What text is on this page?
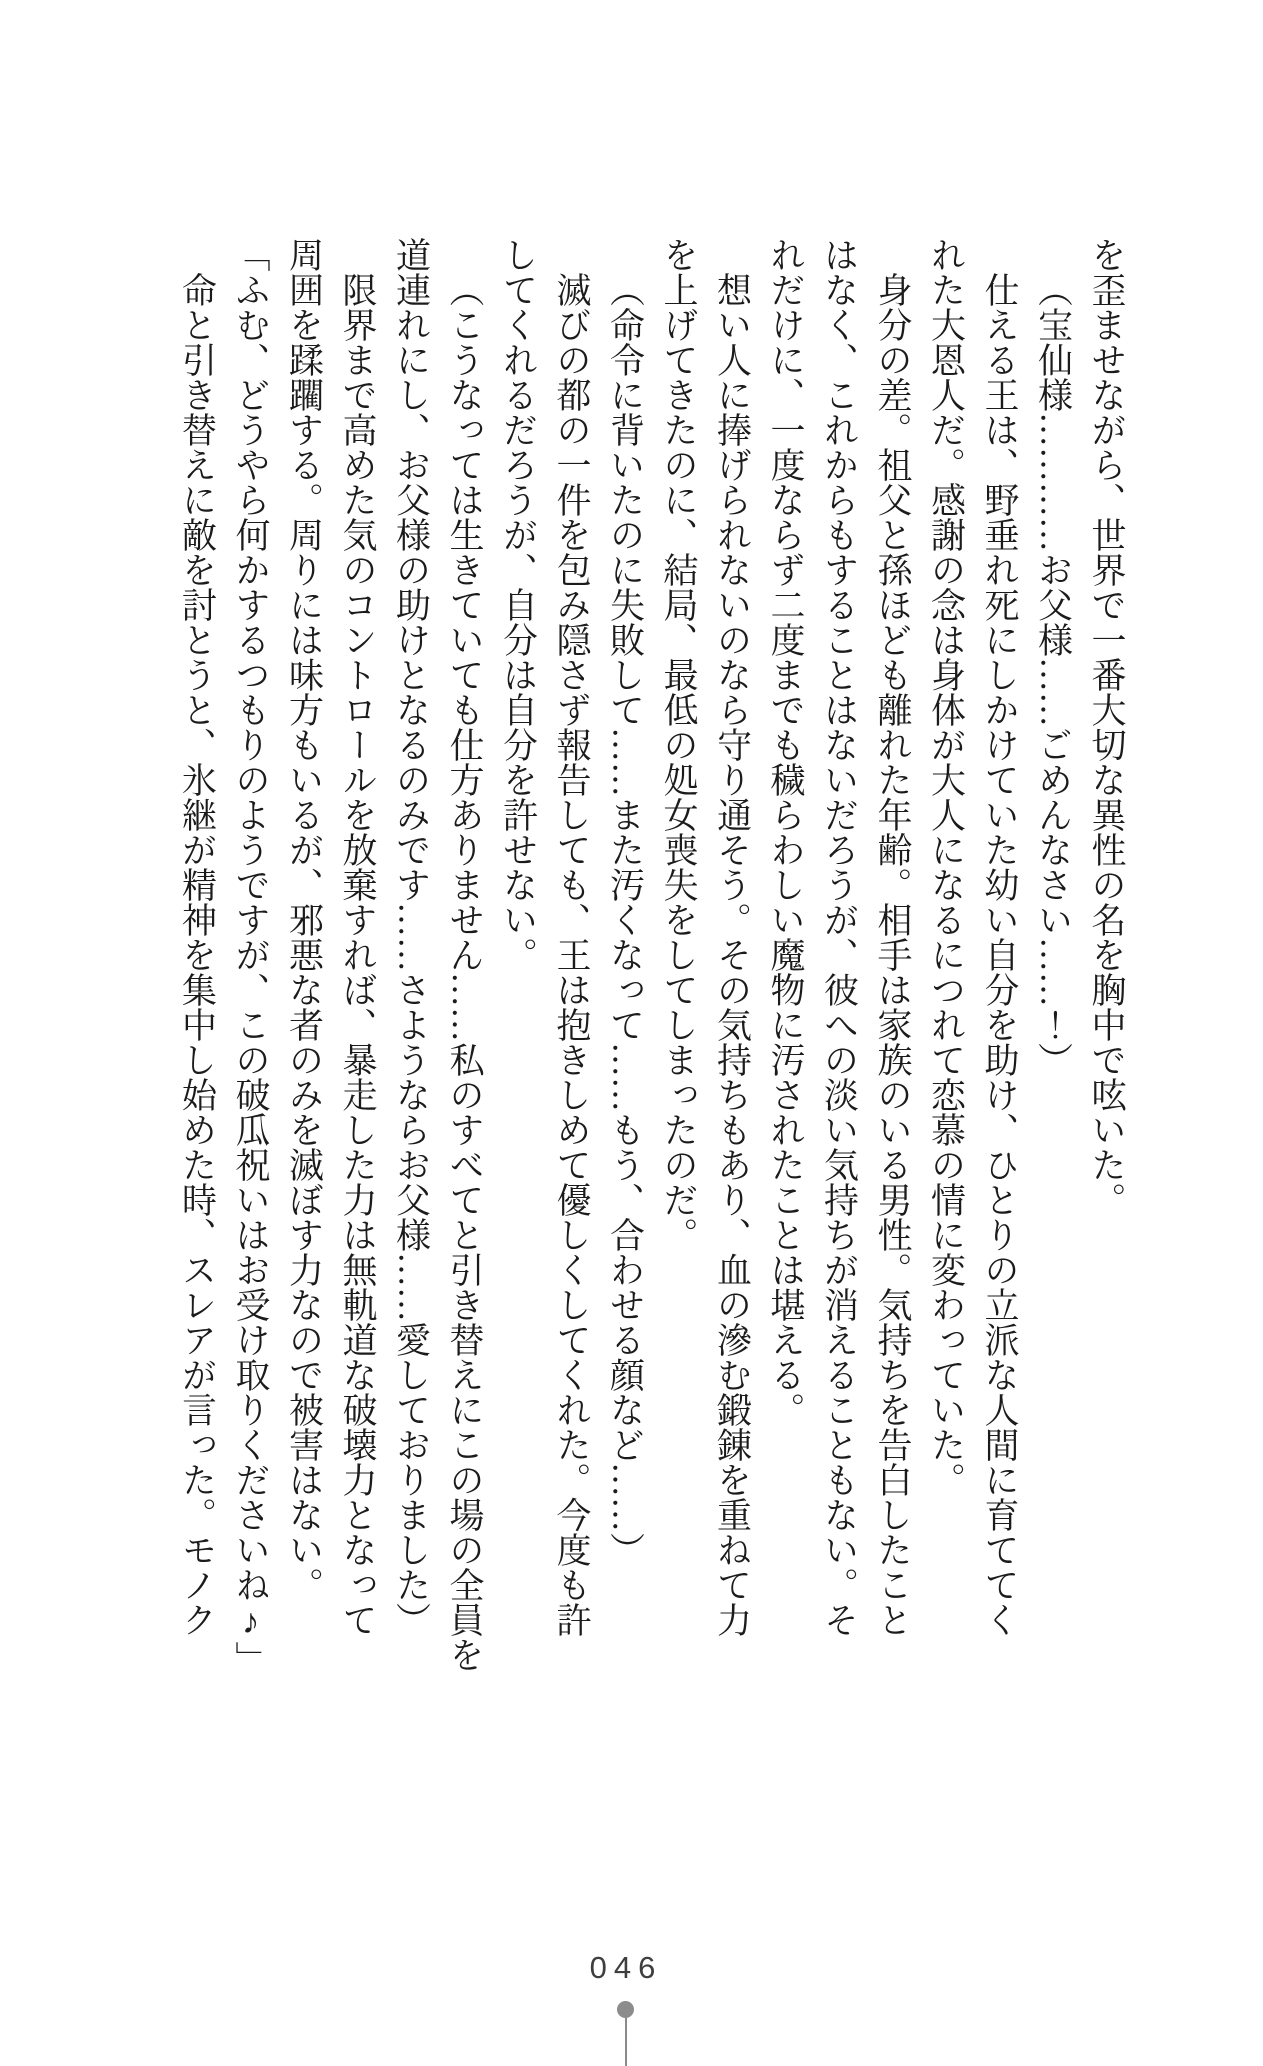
を歪ませながら、世界で一番大切な異性の名を胸中で呟いた。

（宝仙様…………お父様……ごめんなさい……！）

仕える王は、野垂れ死にしかけていた幼い自分を助け、ひとりの立派な人間に育ててく

れた大恩人だ。感謝の念は身体が大人になるにつれて恋慕の情に変わっていた。

身分の差。祖父と孫ほども離れた年齢。相手は家族のいる男性。気持ちを告白したこと

はなく、これからもすることはないだろうが、彼への淡い気持ちが消えることもない。そ

れだけに、一度ならず二度までも穢らわしい魔物に汚されたことは堪える。

想い人に捧げられないのなら守り通そう。その気持ちもあり、血の滲む鍛錬を重ねて力

を上げてきたのに、結局、最低の処女喪失をしてしまったのだ。

（命令に背いたのに失敗して……また汚くなって……もう、合わせる顔など……）

滅びの都の一件を包み隠さず報告しても、王は抱きしめて優しくしてくれた。今度も許

してくれるだろうが、自分は自分を許せない。

（こうなっては生きていても仕方ありません……私のすべてと引き替えにこの場の全員を

道連れにし、お父様の助けとなるのみです……さようならお父様……愛しておりました）

限界まで高めた気のコントロールを放棄すれば、暴走した力は無軌道な破壊力となって

周囲を蹂躙する。周りには味方もいるが、邪悪な者のみを滅ぼす力なので被害はない。

「ふむ、どうやら何かするつもりのようですが、この破瓜祝いはお受け取りくださいね♪」

命と引き替えに敵を討とうと、氷継が精神を集中し始めた時、スレアが言った。モノク

046
